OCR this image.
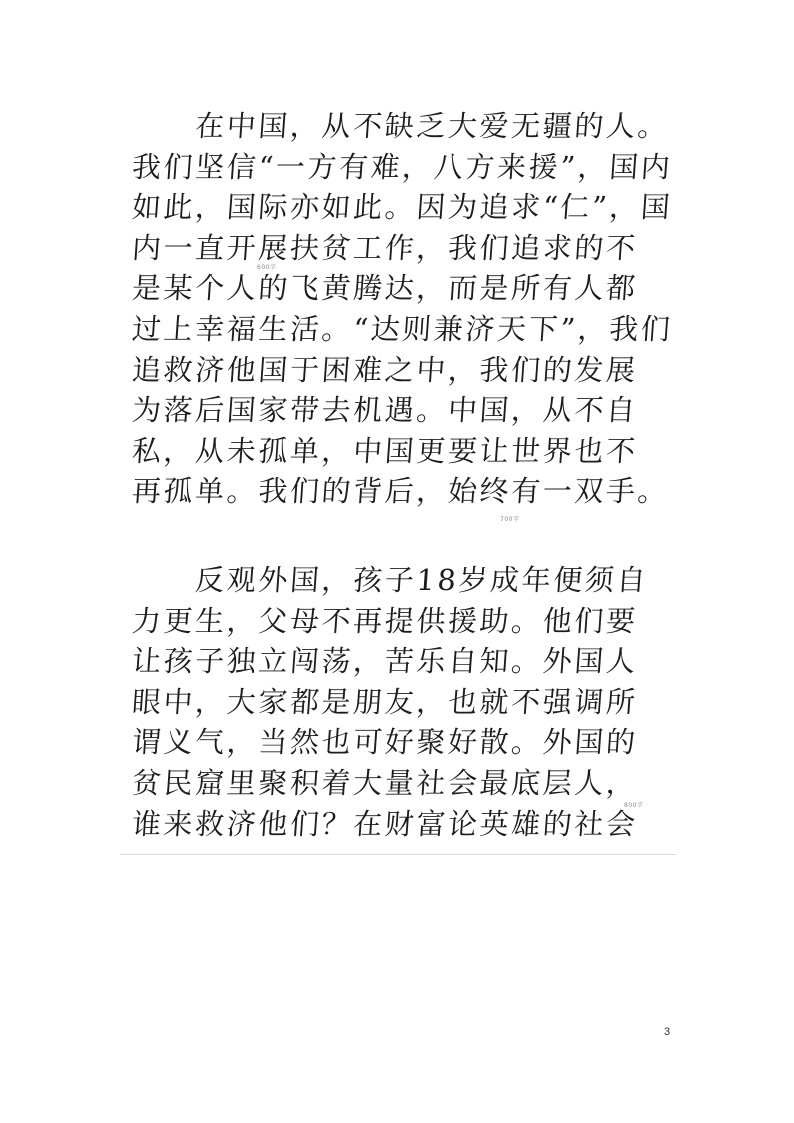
　　在中国，从不缺乏大爱无疆的人。
我们坚信“一方有难，八方来援”，国内
如此，国际亦如此。因为追求“仁”，国
内一直开展扶贫工作，我们追求的不
是某个人的飞黄腾达，而是所有人都
过上幸福生活。“达则兼济天下”，我们
追救济他国于困难之中，我们的发展
为落后国家带去机遇。中国，从不自
私，从未孤单，中国更要让世界也不
再孤单。我们的背后，始终有一双手。
　　反观外国，孩子18岁成年便须自
力更生，父母不再提供援助。他们要
让孩子独立闯荡，苦乐自知。外国人
眼中，大家都是朋友，也就不强调所
谓义气，当然也可好聚好散。外国的
贫民窟里聚积着大量社会最底层人，
谁来救济他们？在财富论英雄的社会
600字
700字
800字
3
